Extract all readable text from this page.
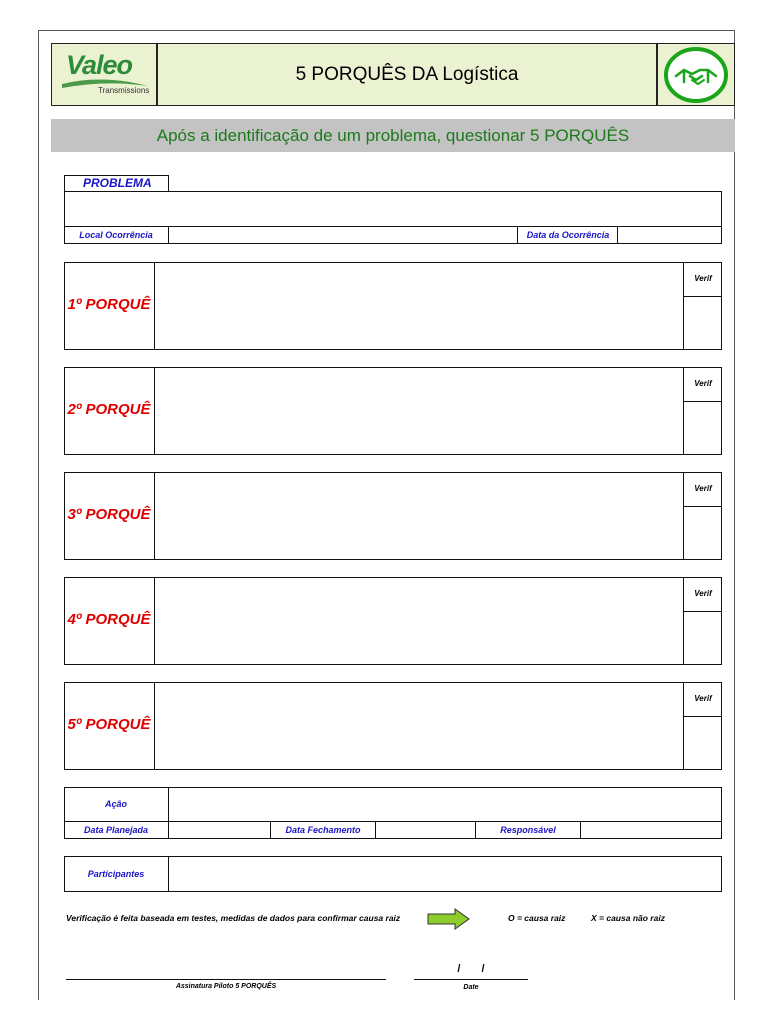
Valeo
Transmissions
5 PORQUÊS DA Logística
Após a identificação de um problema, questionar 5 PORQUÊS
PROBLEMA
Local Ocorrência	Data da Ocorrência
1º PORQUÊ
Verif
2º PORQUÊ
Verif
3º PORQUÊ
Verif
4º PORQUÊ
Verif
5º PORQUÊ
Verif
Ação
Data Planejada	Data Fechamento	Responsável
Participantes
Verificação é feita baseada em testes, medidas de dados para confirmar causa raiz	O = causa raiz	X = causa não raiz
Assinatura Piloto 5 PORQUÊS
/ /
Date
